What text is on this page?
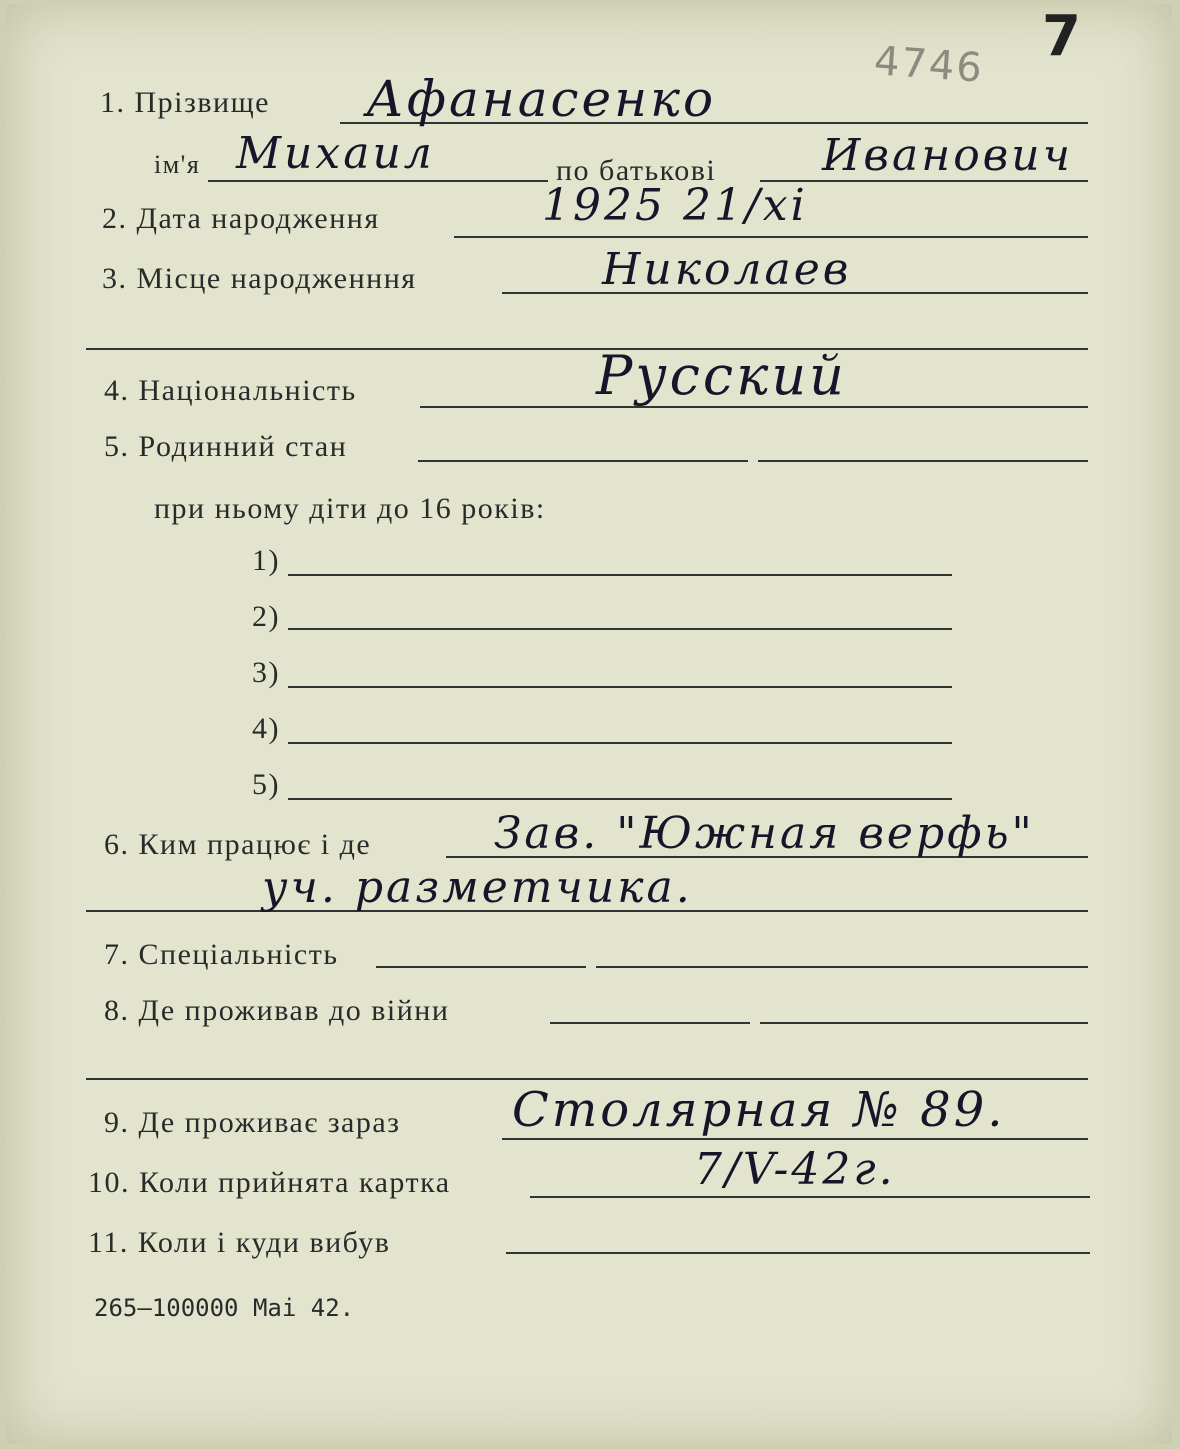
4746 7
1. Прізвище Афанасенко
ім'я Михаил	по батькові Иванович
2. Дата народження	1925 21/хі
3. Місце народженння	Николаев
4. Національність	Русский
5. Родинний стан
при ньому діти до 16 років:
1)
2)
3)
4)
5)
6. Ким працює і де	Зав. "Южная верфь"
уч. разметчика.
7. Спеціальність
8. Де проживав до війни
9. Де проживає зараз Столярная № 89.
10. Коли прийнята картка	7/V-42г.
11. Коли і куди вибув
265—100000 Mai 42.
